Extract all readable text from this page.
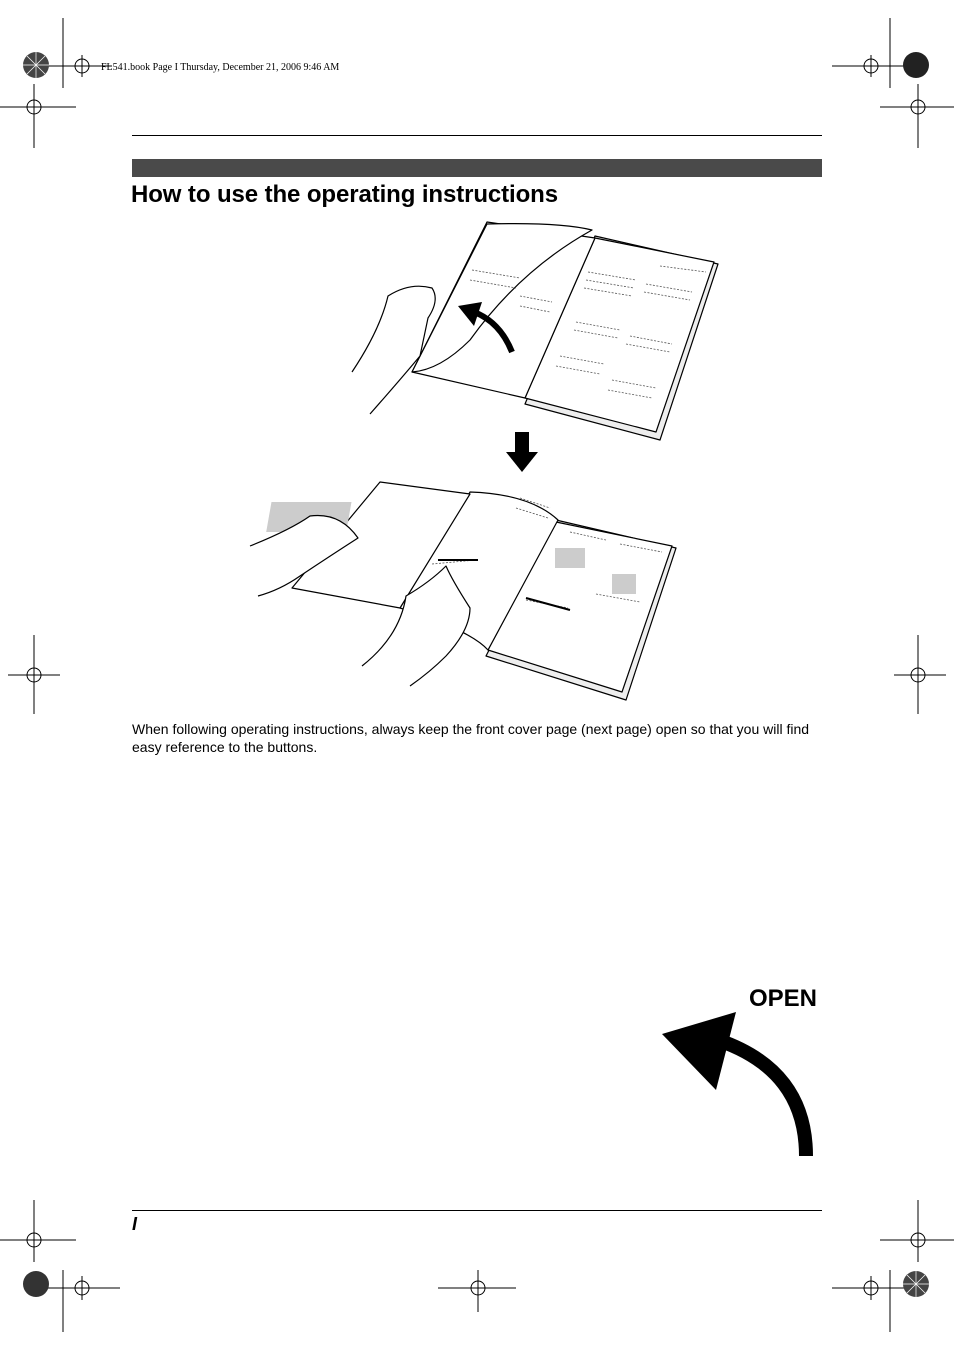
FL541.book Page I Thursday, December 21, 2006 9:46 AM
How to use the operating instructions
When following operating instructions, always keep the front cover page (next page) open so that you will find easy reference to the buttons.
OPEN
I
